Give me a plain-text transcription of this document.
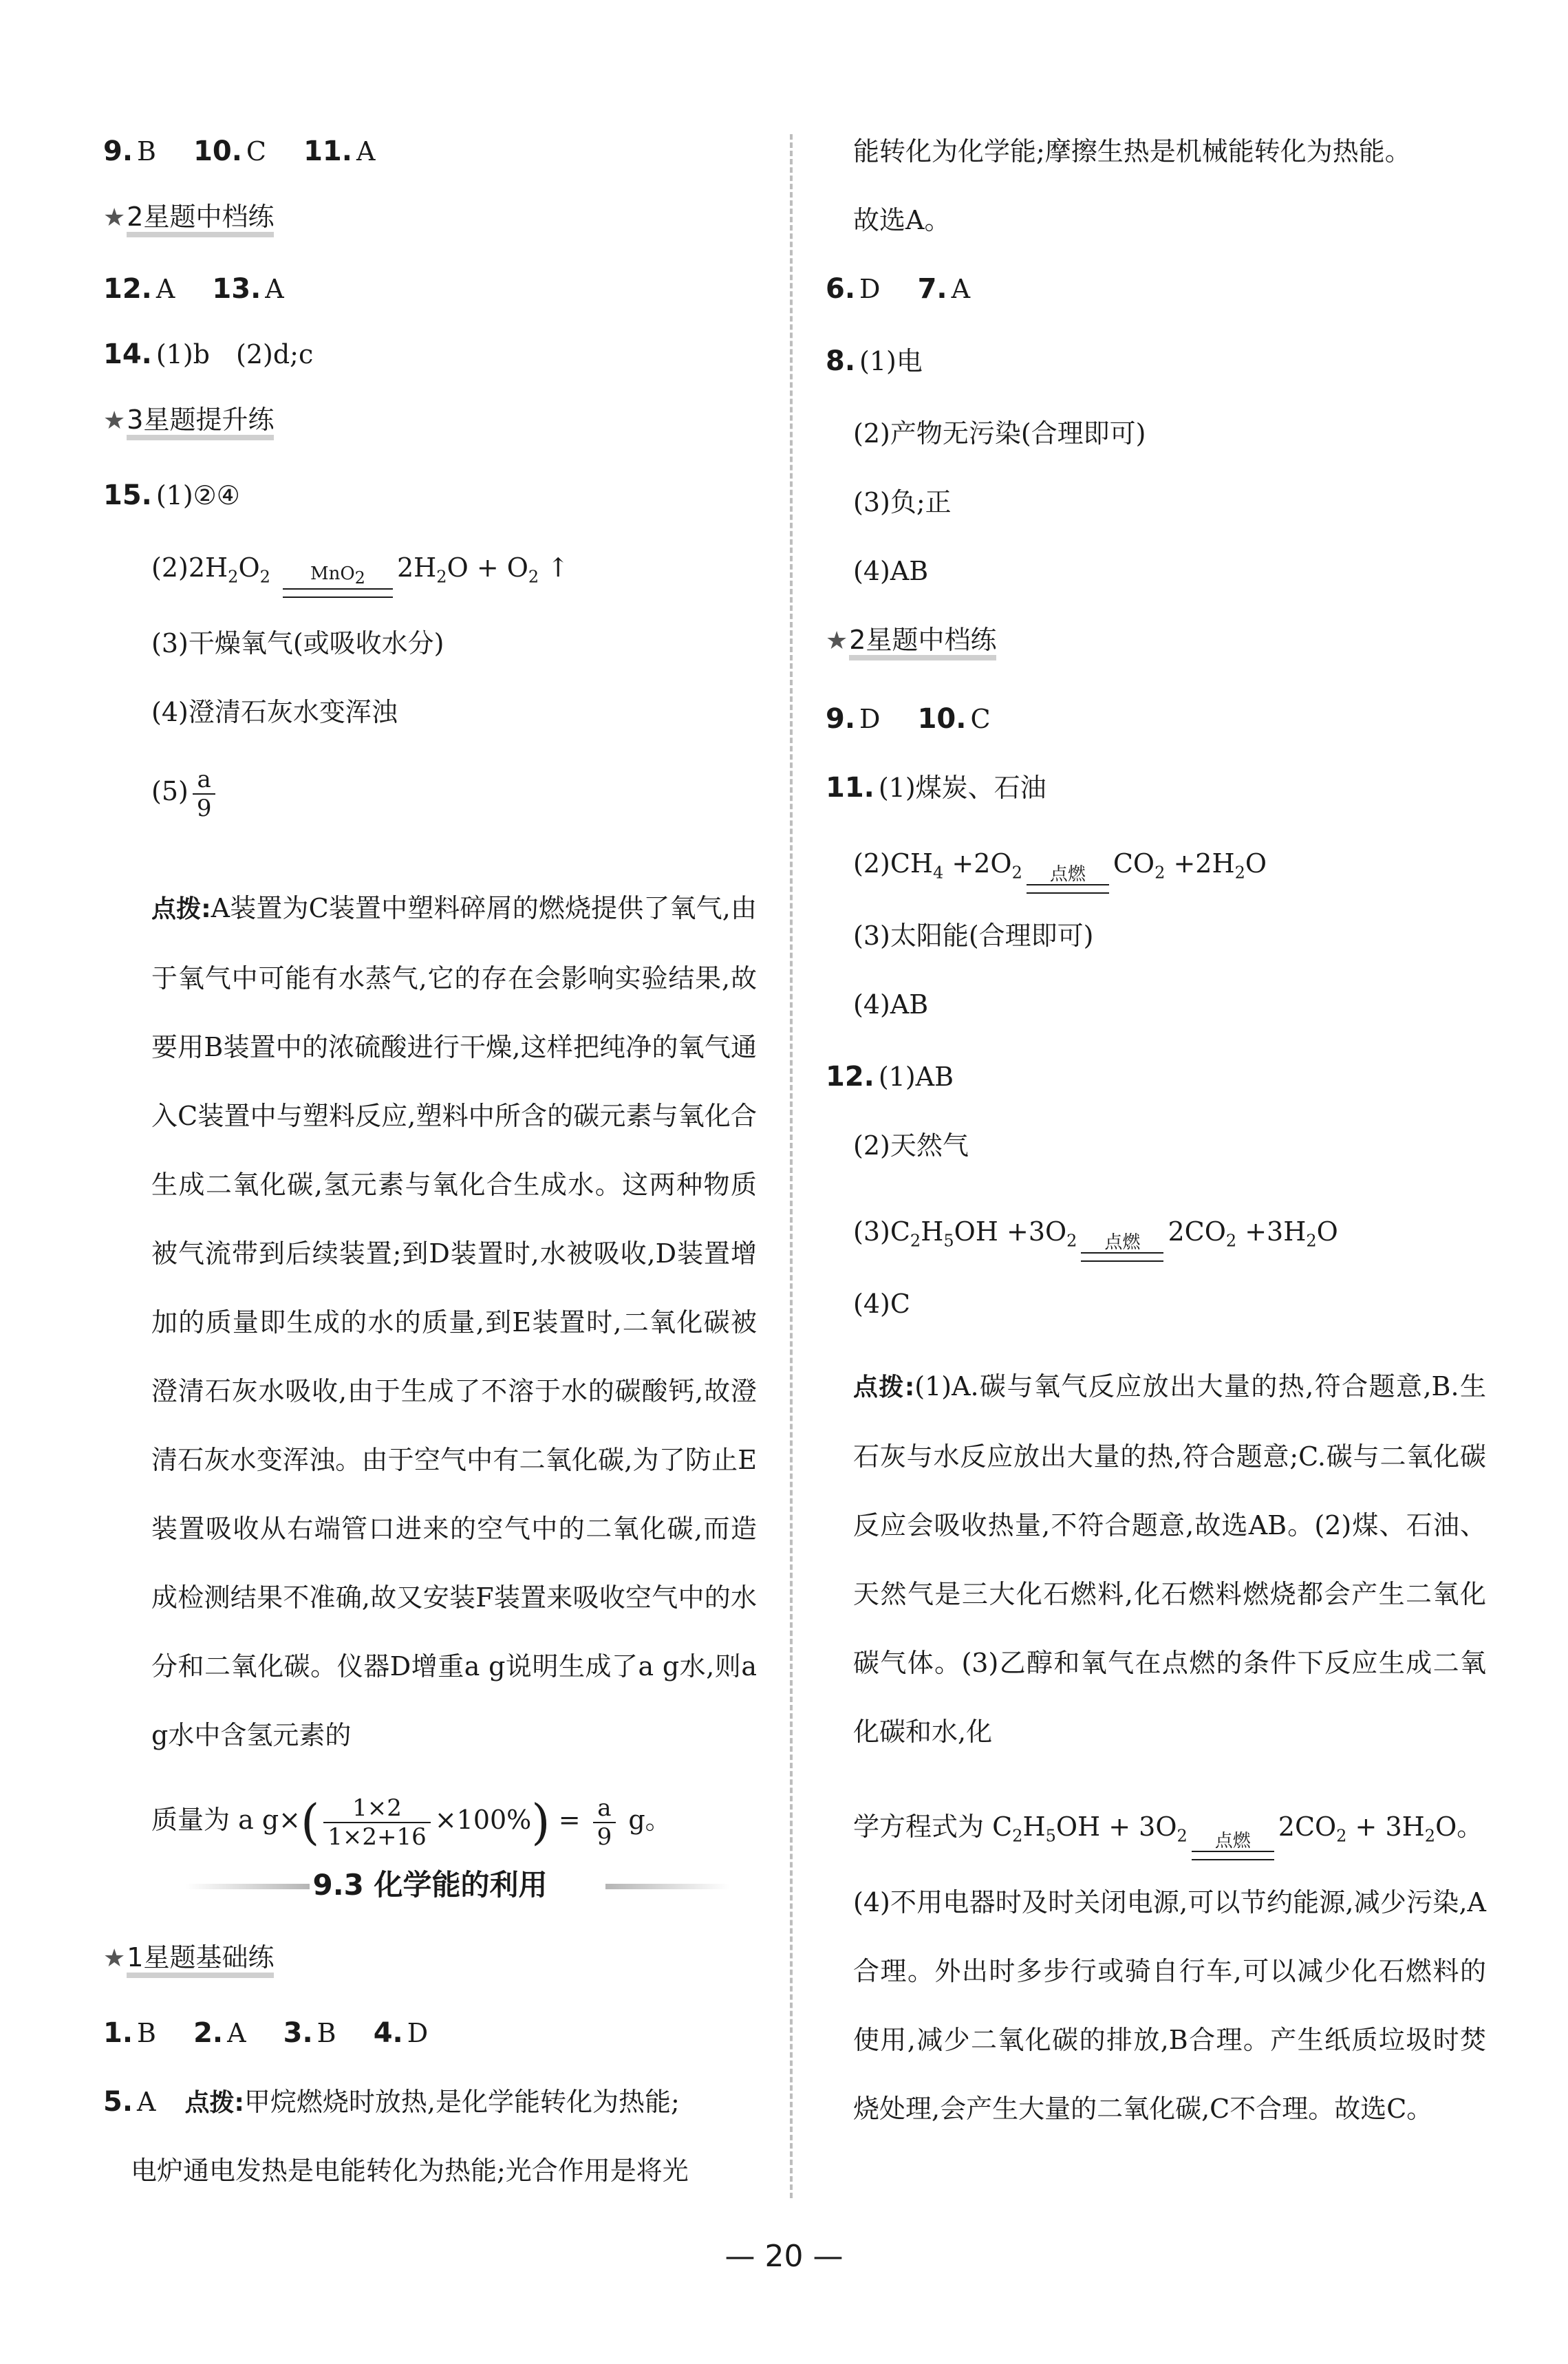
9. B 10. C 11. A
★2星题中档练
12. A 13. A
14. (1)b　(2)d;c
★3星题提升练
15. (1)②④
$(2)2H_2O_2$	MnO$_2$	$2H_2O + O_2$ ↑
(3)干燥氧气(或吸收水分)
(4)澄清石灰水变浑浊
$(5) \frac{a}{9}$
点拨:A装置为C装置中塑料碎屑的燃烧提供了氧气,由于氧气中可能有水蒸气,它的存在会影响实验结果,故要用B装置中的浓硫酸进行干燥,这样把纯净的氧气通入C装置中与塑料反应,塑料中所含的碳元素与氧化合生成二氧化碳,氢元素与氧化合生成水。这两种物质被气流带到后续装置;到D装置时,水被吸收,D装置增加的质量即生成的水的质量,到E装置时,二氧化碳被澄清石灰水吸收,由于生成了不溶于水的碳酸钙,故澄清石灰水变浑浊。由于空气中有二氧化碳,为了防止E装置吸收从右端管口进来的空气中的二氧化碳,而造成检测结果不准确,故又安装F装置来吸收空气中的水分和二氧化碳。仪器D增重a g说明生成了a g水,则a g水中含氢元素的
质量为 a $g\times( \frac{1\times 2}{1\times 2+16} \times 100\%) = \frac{a}{9}$ g。
9.3 化学能的利用
★1星题基础练
1. B 2. A 3. B 4. D
5. A 点拨:甲烷燃烧时放热,是化学能转化为热能;
电炉通电发热是电能转化为热能;光合作用是将光
能转化为化学能;摩擦生热是机械能转化为热能。
故选A。
6. D 7. A
8. (1)电
(2)产物无污染(合理即可)
(3)负;正
(4)AB
★2星题中档练
9. D 10. C
11. (1)煤炭、石油
$(2)CH_4 +2O_2$	点燃	$CO_2 +2H_2O$
(3)太阳能(合理即可)
(4)AB
12. (1)AB
(2)天然气
$(3)C_2H_5OH +3O_2$	点燃	$2CO_2 +3H_2O$
(4)C
点拨:(1)A.碳与氧气反应放出大量的热,符合题意,B.生石灰与水反应放出大量的热,符合题意;C.碳与二氧化碳反应会吸收热量,不符合题意,故选AB。(2)煤、石油、天然气是三大化石燃料,化石燃料燃烧都会产生二氧化碳气体。(3)乙醇和氧气在点燃的条件下反应生成二氧化碳和水,化
学方程式为 $C_2H_5OH + 3O_2$	点燃	$2CO_2 + 3H_2O$。
(4)不用电器时及时关闭电源,可以节约能源,减少污染,A合理。外出时多步行或骑自行车,可以减少化石燃料的使用,减少二氧化碳的排放,B合理。产生纸质垃圾时焚烧处理,会产生大量的二氧化碳,C不合理。故选C。
— 20 —
